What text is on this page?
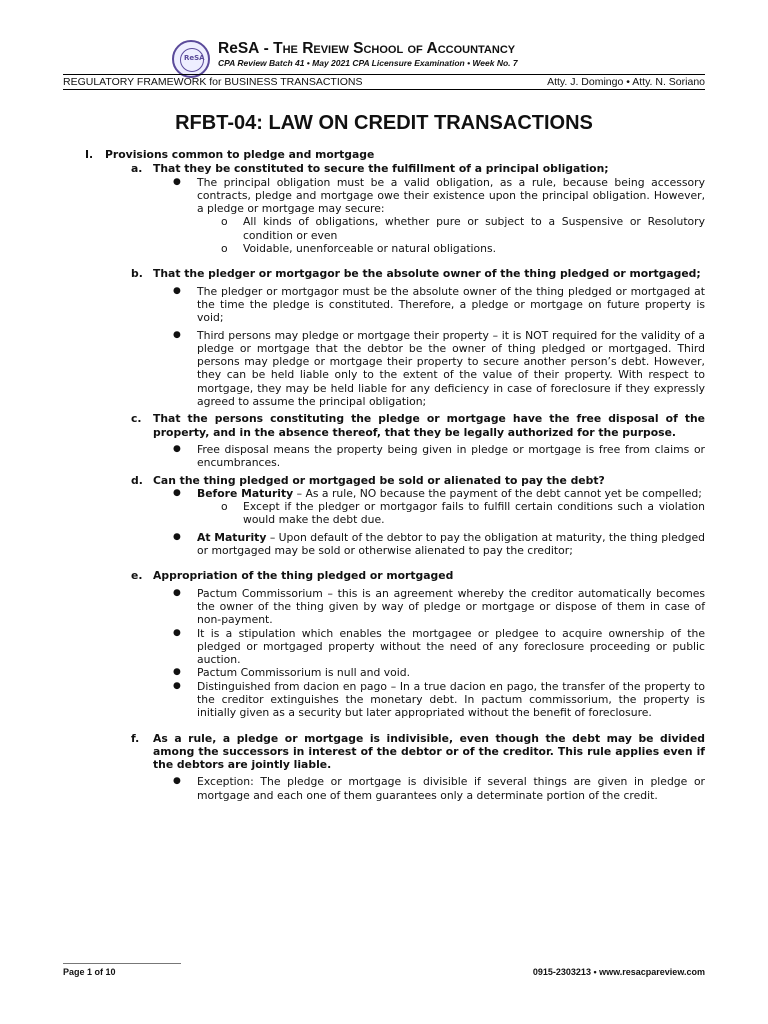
ReSA
ReSA - The Review School of Accountancy
CPA Review Batch 41 • May 2021 CPA Licensure Examination • Week No. 7
REGULATORY FRAMEWORK for BUSINESS TRANSACTIONS	Atty. J. Domingo • Atty. N. Soriano
RFBT-04: LAW ON CREDIT TRANSACTIONS
I.	Provisions common to pledge and mortgage
a. That they be constituted to secure the fulfillment of a principal obligation;
●	The principal obligation must be a valid obligation, as a rule, because being accessory contracts, pledge and mortgage owe their existence upon the principal obligation. However, a pledge or mortgage may secure:
o	All kinds of obligations, whether pure or subject to a Suspensive or Resolutory condition or even
o	Voidable, unenforceable or natural obligations.
b. That the pledger or mortgagor be the absolute owner of the thing pledged or mortgaged;
●	The pledger or mortgagor must be the absolute owner of the thing pledged or mortgaged at the time the pledge is constituted. Therefore, a pledge or mortgage on future property is void;
●	Third persons may pledge or mortgage their property – it is NOT required for the validity of a pledge or mortgage that the debtor be the owner of thing pledged or mortgaged. Third persons may pledge or mortgage their property to secure another person’s debt. However, they can be held liable only to the extent of the value of their property. With respect to mortgage, they may be held liable for any deficiency in case of foreclosure if they expressly agreed to assume the principal obligation;
c.	That the persons constituting the pledge or mortgage have the free disposal of the property, and in the absence thereof, that they be legally authorized for the purpose.
●	Free disposal means the property being given in pledge or mortgage is free from claims or encumbrances.
d. Can the thing pledged or mortgaged be sold or alienated to pay the debt?
●	Before Maturity – As a rule, NO because the payment of the debt cannot yet be compelled;
o	Except if the pledger or mortgagor fails to fulfill certain conditions such a violation would make the debt due.
●	At Maturity – Upon default of the debtor to pay the obligation at maturity, the thing pledged or mortgaged may be sold or otherwise alienated to pay the creditor;
e. Appropriation of the thing pledged or mortgaged
●	Pactum Commissorium – this is an agreement whereby the creditor automatically becomes the owner of the thing given by way of pledge or mortgage or dispose of them in case of non-payment.
●	It is a stipulation which enables the mortgagee or pledgee to acquire ownership of the pledged or mortgaged property without the need of any foreclosure proceeding or public auction.
●	Pactum Commissorium is null and void.
●	Distinguished from dacion en pago – In a true dacion en pago, the transfer of the property to the creditor extinguishes the monetary debt. In pactum commissorium, the property is initially given as a security but later appropriated without the benefit of foreclosure.
f.	As a rule, a pledge or mortgage is indivisible, even though the debt may be divided among the successors in interest of the debtor or of the creditor. This rule applies even if the debtors are jointly liable.
●	Exception: The pledge or mortgage is divisible if several things are given in pledge or mortgage and each one of them guarantees only a determinate portion of the credit.
Page 1 of 10	0915-2303213 • www.resacpareview.com
